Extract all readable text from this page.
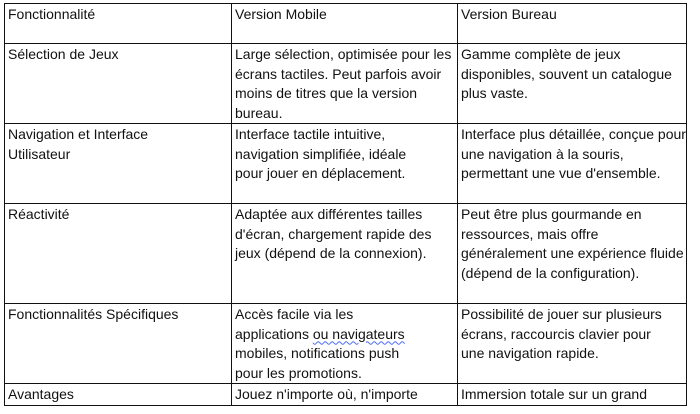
Fonctionnalité	Version Mobile	Version Bureau
Sélection de Jeux	Large sélection, optimisée pour les écrans tactiles. Peut parfois avoir moins de titres que la version bureau.	Gamme complète de jeux disponibles, souvent un catalogue plus vaste.
Navigation et Interface Utilisateur	Interface tactile intuitive, navigation simplifiée, idéale pour jouer en déplacement.	Interface plus détaillée, conçue pour une navigation à la souris, permettant une vue d'ensemble.
Réactivité	Adaptée aux différentes tailles d'écran, chargement rapide des jeux (dépend de la connexion).	Peut être plus gourmande en ressources, mais offre généralement une expérience fluide (dépend de la configuration).
Fonctionnalités Spécifiques	Accès facile via les applications ou navigateurs mobiles, notifications push pour les promotions.	Possibilité de jouer sur plusieurs écrans, raccourcis clavier pour une navigation rapide.
Avantages	Jouez n'importe où, n'importe	Immersion totale sur un grand
